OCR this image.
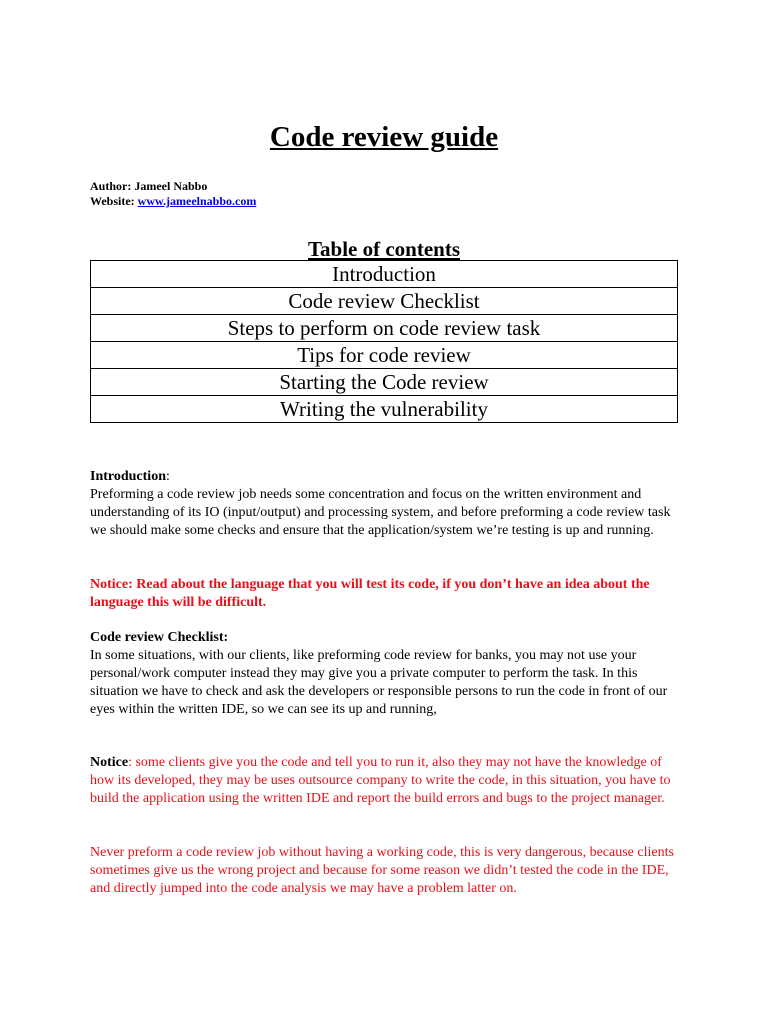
Code review guide
Author: Jameel Nabbo
Website: www.jameelnabbo.com
Table of contents
Introduction
Code review Checklist
Steps to perform on code review task
Tips for code review
Starting the Code review
Writing the vulnerability
Introduction:
Preforming a code review job needs some concentration and focus on the written environment and understanding of its IO (input/output) and processing system, and before preforming a code review task we should make some checks and ensure that the application/system we’re testing is up and running.
Notice: Read about the language that you will test its code, if you don’t have an idea about the language this will be difficult.
Code review Checklist:
In some situations, with our clients, like preforming code review for banks, you may not use your personal/work computer instead they may give you a private computer to perform the task. In this situation we have to check and ask the developers or responsible persons to run the code in front of our eyes within the written IDE, so we can see its up and running,
Notice: some clients give you the code and tell you to run it, also they may not have the knowledge of how its developed, they may be uses outsource company to write the code, in this situation, you have to build the application using the written IDE and report the build errors and bugs to the project manager.
Never preform a code review job without having a working code, this is very dangerous, because clients sometimes give us the wrong project and because for some reason we didn’t tested the code in the IDE, and directly jumped into the code analysis we may have a problem latter on.
